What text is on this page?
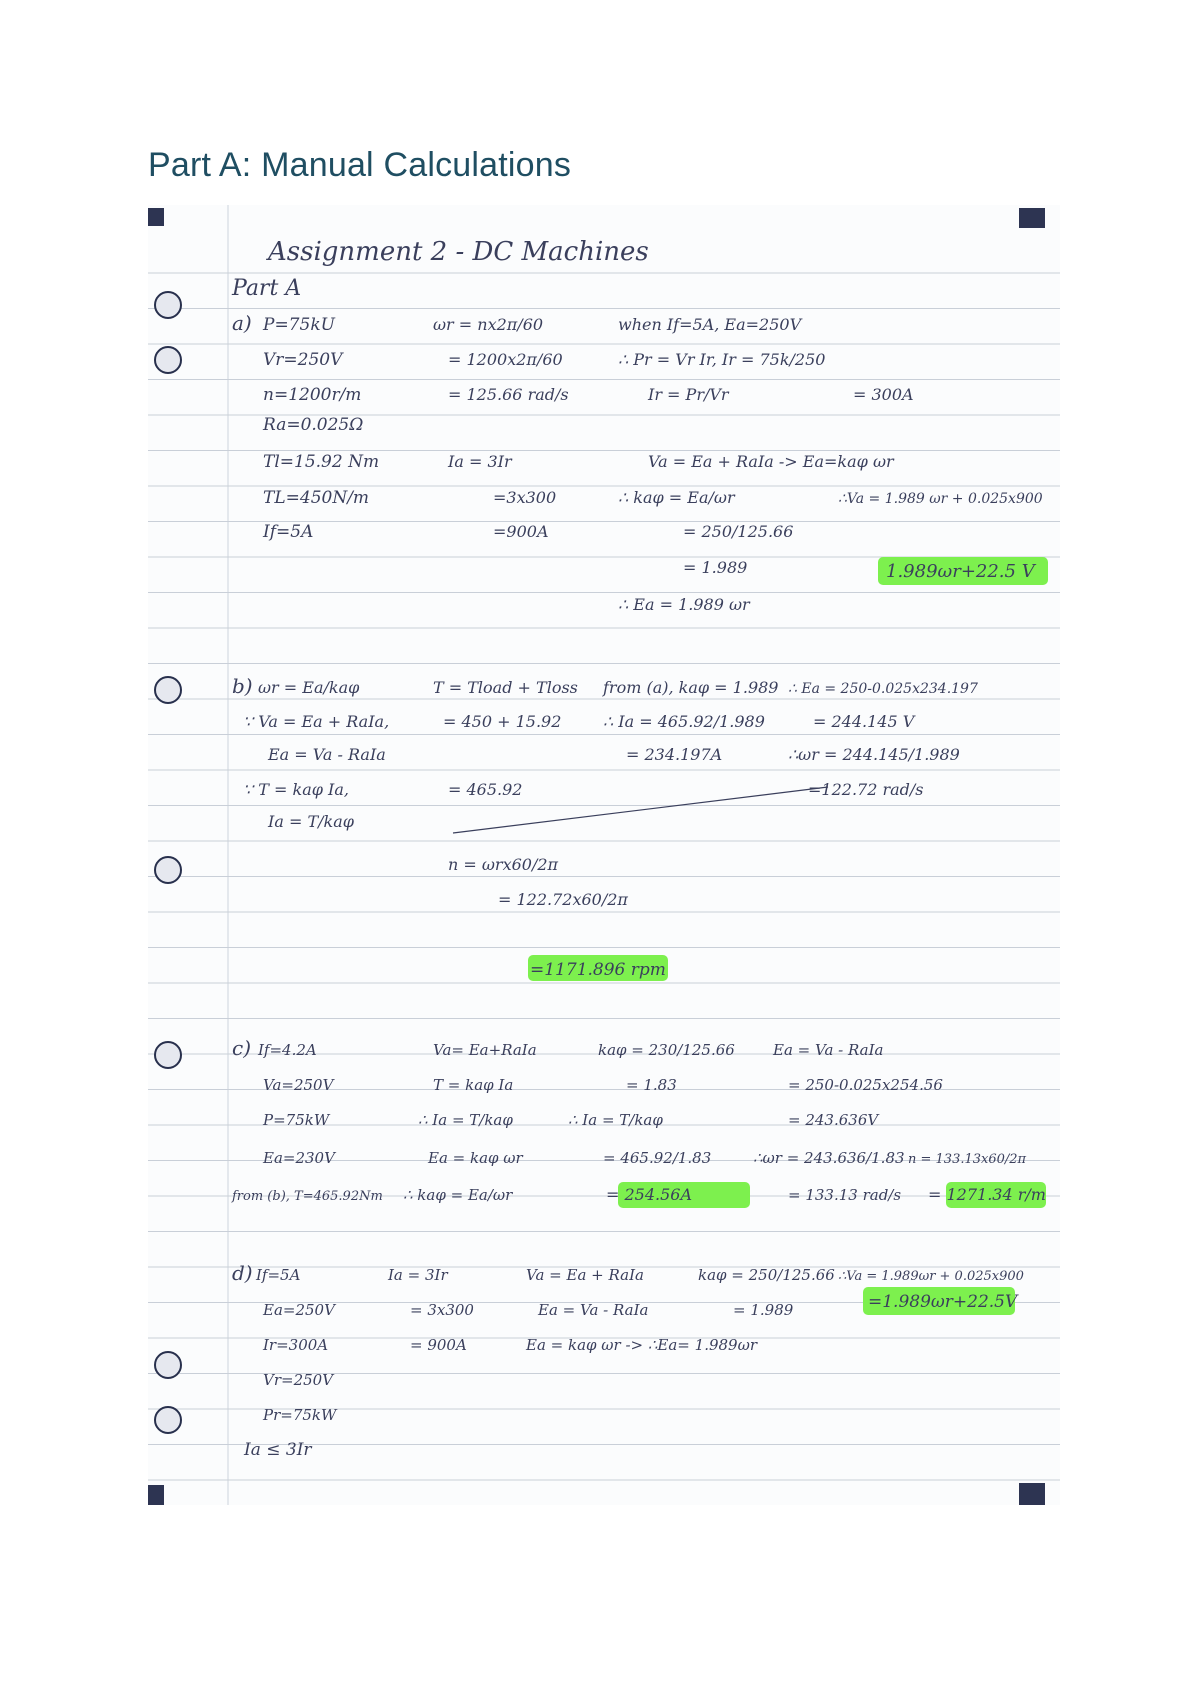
Part A: Manual Calculations
Assignment 2 - DC Machines
Part A
a) P=75kU
Vr=250V
n=1200r/m
Ra=0.025Ω
Tl=15.92 Nm
TL=450N/m
If=5A
ωr = nx2π/60
= 1200x2π/60
= 125.66 rad/s
when If=5A, Ea=250V
∴ Pr = Vr Ir, Ir = 75k/250
Ir = Pr/Vr	= 300A
Ia = 3Ir
=3x300
=900A
Va = Ea + RaIa -> Ea=kaφ ωr
∴ kaφ = Ea/ωr
= 250/125.66
= 1.989
∴ Ea = 1.989 ωr
∴Va = 1.989 ωr + 0.025x900
1.989ωr+22.5 V
b) ωr = Ea/kaφ
∵ Va = Ea + RaIa,
Ea = Va - RaIa
∵ T = kaφ Ia,
Ia = T/kaφ
T = Tload + Tloss
= 450 + 15.92
= 465.92
from (a), kaφ = 1.989
∴ Ia = 465.92/1.989
= 234.197A
∴ Ea = 250-0.025x234.197
= 244.145 V
∴ωr = 244.145/1.989
=122.72 rad/s
n = ωrx60/2π
= 122.72x60/2π
=1171.896 rpm
c) If=4.2A
Va=250V
P=75kW
Ea=230V
from (b), T=465.92Nm
Va= Ea+RaIa
T = kaφ Ia
∴ Ia = T/kaφ
Ea = kaφ ωr
∴ kaφ = Ea/ωr
kaφ = 230/125.66
= 1.83
∴ Ia = T/kaφ
= 465.92/1.83
= 254.56A
Ea = Va - RaIa
= 250-0.025x254.56
= 243.636V
∴ωr = 243.636/1.83
= 133.13 rad/s
n = 133.13x60/2π
= 1271.34 r/m
d) If=5A
Ea=250V
Ir=300A
Vr=250V
Pr=75kW
Ia ≤ 3Ir
Ia = 3Ir
= 3x300
= 900A
Va = Ea + RaIa
Ea = Va - RaIa
Ea = kaφ ωr -> ∴Ea= 1.989ωr
kaφ = 250/125.66
= 1.989
∴Va = 1.989ωr + 0.025x900
=1.989ωr+22.5V
